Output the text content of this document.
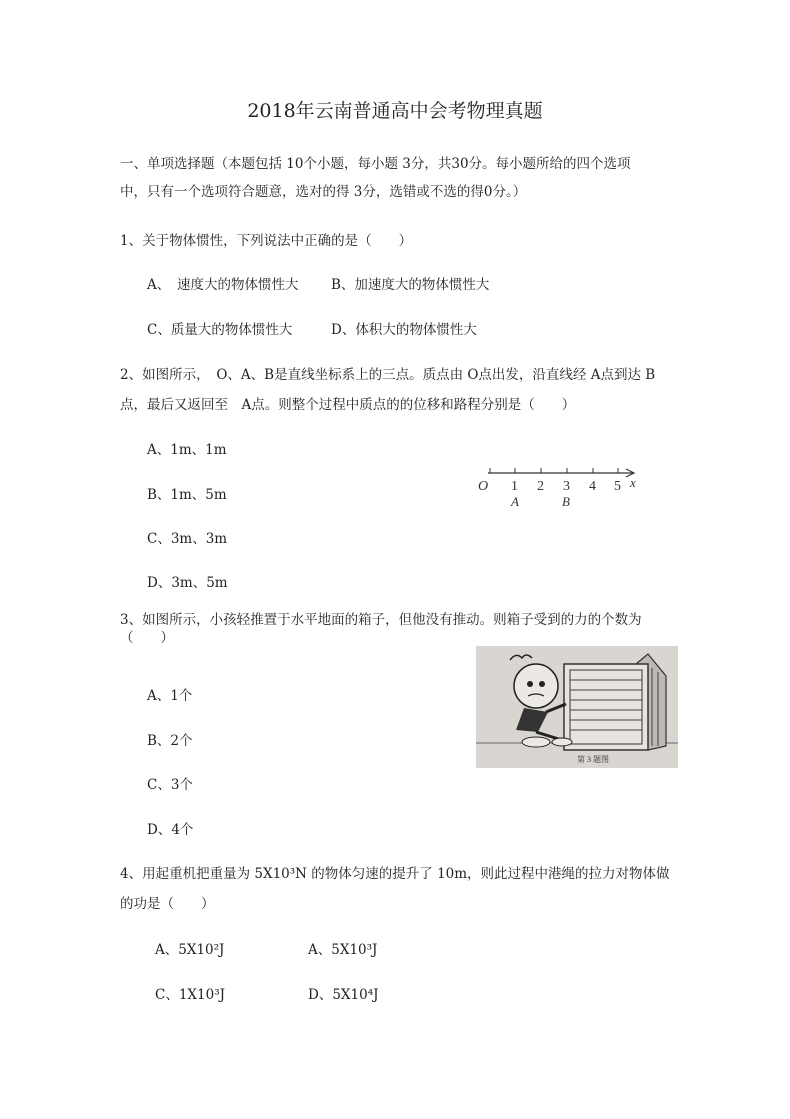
2018年云南普通高中会考物理真题
一、单项选择题（本题包括 10个小题，每小题 3分，共30分。每小题所给的四个选项
中，只有一个选项符合题意，选对的得 3分，选错或不选的得0分。）
1、关于物体惯性，下列说法中正确的是（　　）
A、　速度大的物体惯性大 B、加速度大的物体惯性大
C、质量大的物体惯性大	D、体积大的物体惯性大
2、如图所示，　O、A、B是直线坐标系上的三点。质点由 O点出发，沿直线经 A点到达 B
点，最后又返回至　A点。则整个过程中质点的的位移和路程分别是（　　）
A、1m、1m
B、1m、5m
C、3m、3m
D、3m、5m
O 1 2 3 4 5 x
A	B
3、如图所示，小孩轻推置于水平地面的箱子，但他没有推动。则箱子受到的力的个数为
（　　）
A、1个
B、2个
C、3个
D、4个
第 3 题图
4、用起重机把重量为 5X10³N 的物体匀速的提升了 10m，则此过程中港绳的拉力对物体做
的功是（　　）
A、5X10²J	A、5X10³J
C、1X10³J	D、5X10⁴J
